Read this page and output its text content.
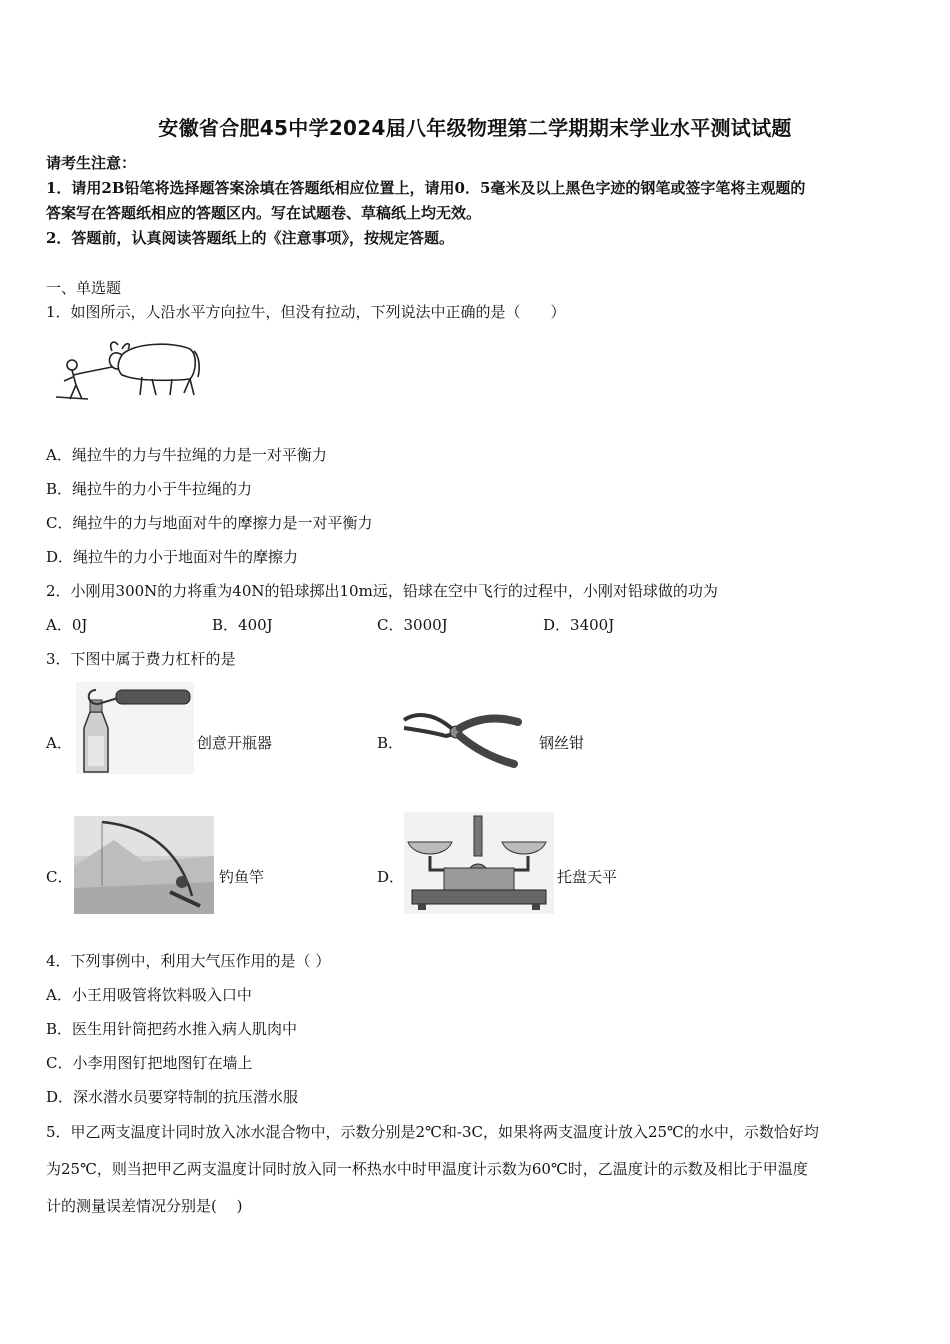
安徽省合肥45中学2024届八年级物理第二学期期末学业水平测试试题
请考生注意：
1．请用2B铅笔将选择题答案涂填在答题纸相应位置上，请用0．5毫米及以上黑色字迹的钢笔或签字笔将主观题的
答案写在答题纸相应的答题区内。写在试题卷、草稿纸上均无效。
2．答题前，认真阅读答题纸上的《注意事项》，按规定答题。
一、单选题
1．如图所示，人沿水平方向拉牛，但没有拉动，下列说法中正确的是（　　）
A．绳拉牛的力与牛拉绳的力是一对平衡力
B．绳拉牛的力小于牛拉绳的力
C．绳拉牛的力与地面对牛的摩擦力是一对平衡力
D．绳拉牛的力小于地面对牛的摩擦力
2．小刚用300N的力将重为40N的铅球掷出10m远，铅球在空中飞行的过程中，小刚对铅球做的功为
A．0J	B．400J	C．3000J	D．3400J
3．下图中属于费力杠杆的是
A．	创意开瓶器	B．	钢丝钳
C．	钓鱼竿	D．	托盘天平
4．下列事例中，利用大气压作用的是（ ）
A．小王用吸管将饮料吸入口中
B．医生用针筒把药水推入病人肌肉中
C．小李用图钉把地图钉在墙上
D．深水潜水员要穿特制的抗压潜水服
5．甲乙两支温度计同时放入冰水混合物中，示数分别是2℃和-3C，如果将两支温度计放入25℃的水中，示数恰好均
为25℃，则当把甲乙两支温度计同时放入同一杯热水中时甲温度计示数为60℃时，乙温度计的示数及相比于甲温度
计的测量误差情况分别是(　 )
